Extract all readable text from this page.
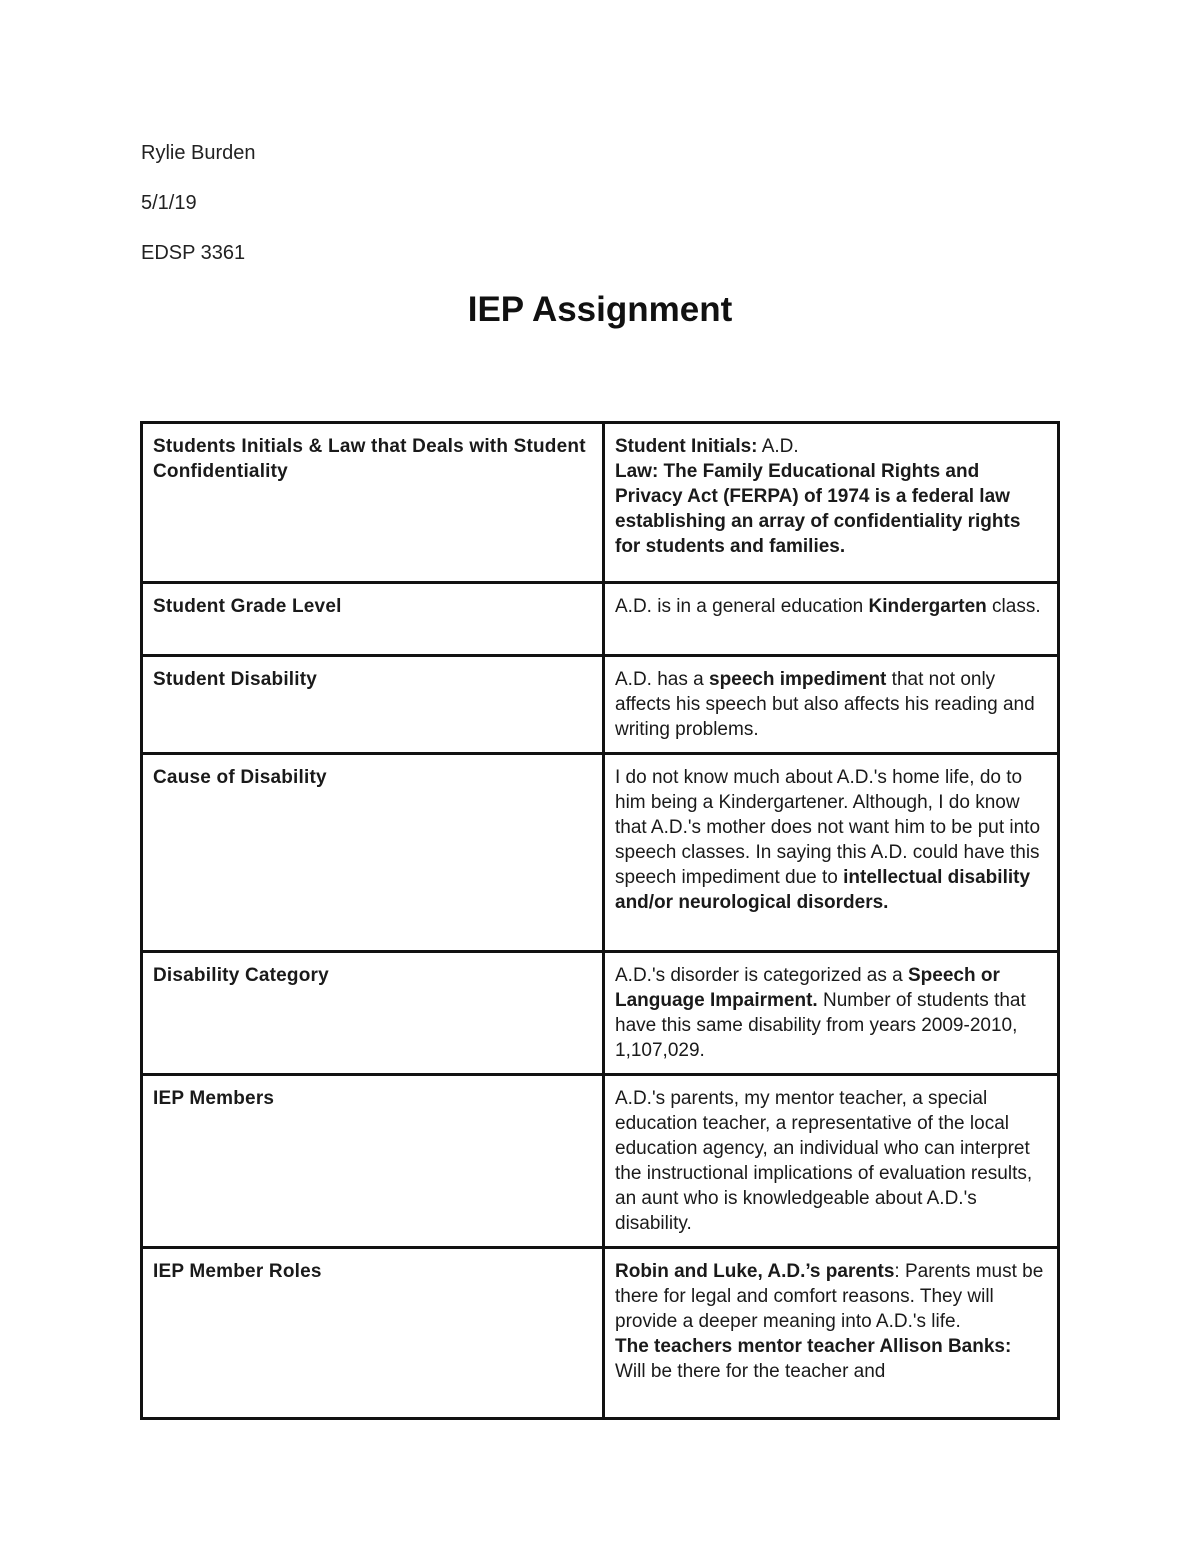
Rylie Burden
5/1/19
EDSP 3361
IEP Assignment
Students Initials & Law that Deals with Student Confidentiality	Student Initials: A.D.
Law: The Family Educational Rights and Privacy Act (FERPA) of 1974 is a federal law establishing an array of confidentiality rights for students and families.
Student Grade Level	A.D. is in a general education Kindergarten class.
Student Disability	A.D. has a speech impediment that not only affects his speech but also affects his reading and writing problems.
Cause of Disability	I do not know much about A.D.'s home life, do to him being a Kindergartener. Although, I do know that A.D.'s mother does not want him to be put into speech classes. In saying this A.D. could have this speech impediment due to intellectual disability and/or neurological disorders.
Disability Category	A.D.'s disorder is categorized as a Speech or Language Impairment. Number of students that have this same disability from years 2009-2010, 1,107,029.
IEP Members	A.D.'s parents, my mentor teacher, a special education teacher, a representative of the local education agency, an individual who can interpret the instructional implications of evaluation results, an aunt who is knowledgeable about A.D.'s disability.
IEP Member Roles	Robin and Luke, A.D.’s parents: Parents must be there for legal and comfort reasons. They will provide a deeper meaning into A.D.'s life.
The teachers mentor teacher Allison Banks: Will be there for the teacher and
